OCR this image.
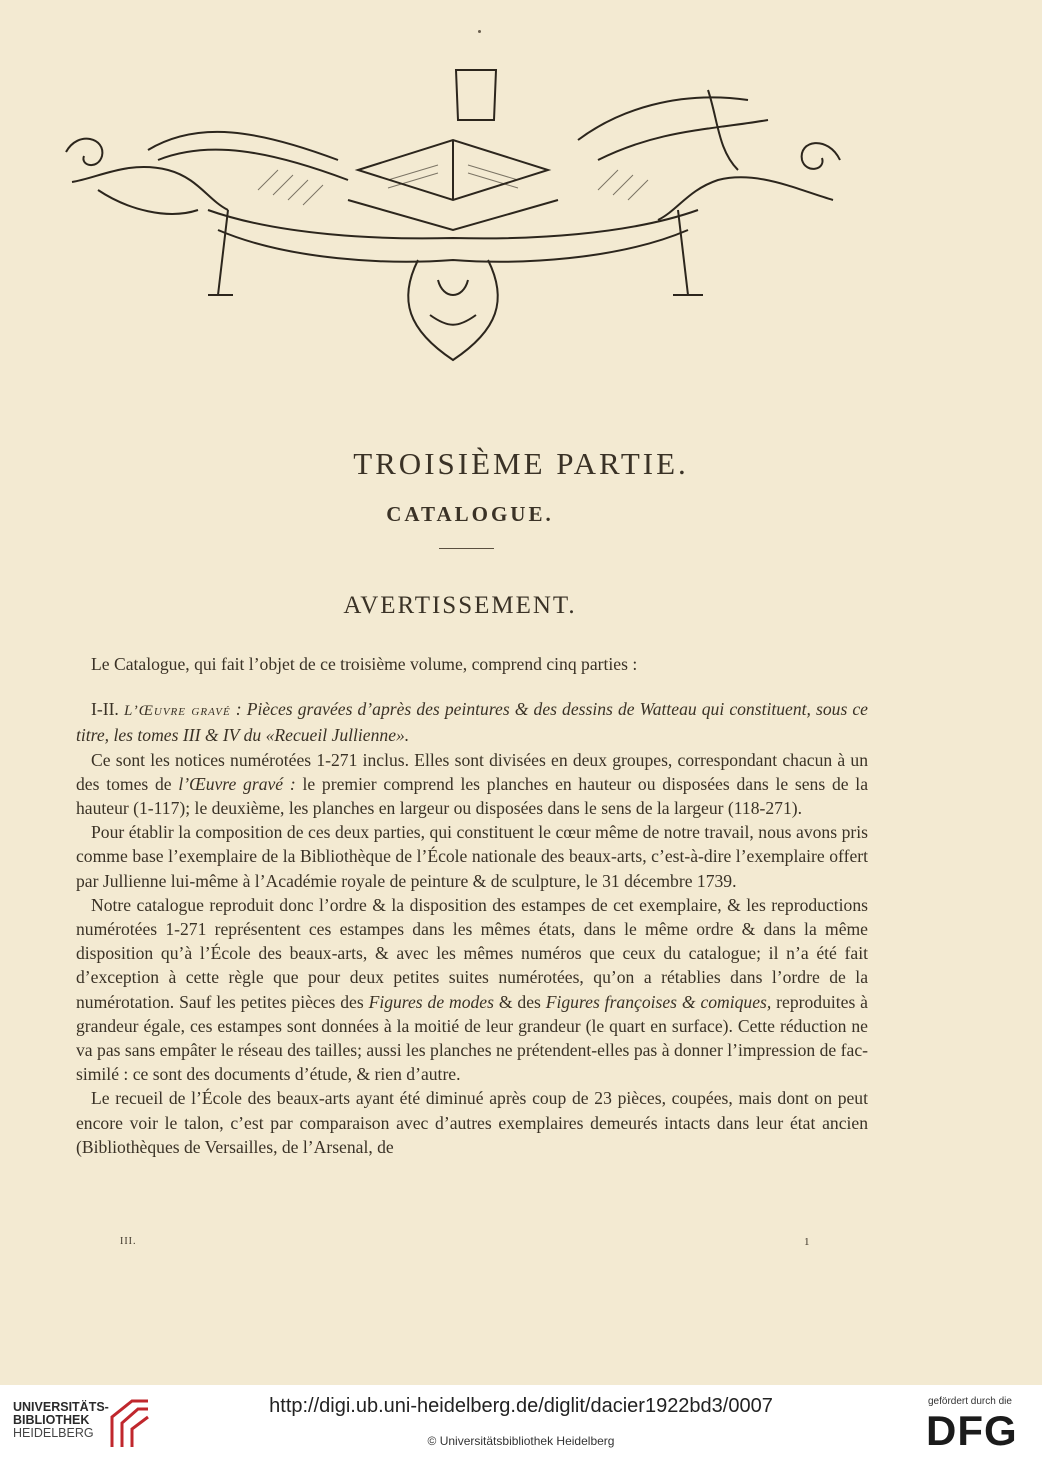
TROISIÈME PARTIE.
CATALOGUE.
AVERTISSEMENT.

Le Catalogue, qui fait l’objet de ce troisième volume, comprend cinq parties :

I-II. L’Œuvre gravé : Pièces gravées d’après des peintures & des dessins de Watteau qui constituent, sous ce titre, les tomes III & IV du «Recueil Jullienne».

Ce sont les notices numérotées 1-271 inclus. Elles sont divisées en deux groupes, correspondant chacun à un des tomes de l’Œuvre gravé : le premier comprend les planches en hauteur ou disposées dans le sens de la hauteur (1-117); le deuxième, les planches en largeur ou disposées dans le sens de la largeur (118-271).

Pour établir la composition de ces deux parties, qui constituent le cœur même de notre travail, nous avons pris comme base l’exemplaire de la Bibliothèque de l’École nationale des beaux-arts, c’est-à-dire l’exemplaire offert par Jullienne lui-même à l’Académie royale de peinture & de sculpture, le 31 décembre 1739.

Notre catalogue reproduit donc l’ordre & la disposition des estampes de cet exemplaire, & les reproductions numérotées 1-271 représentent ces estampes dans les mêmes états, dans le même ordre & dans la même disposition qu’à l’École des beaux-arts, & avec les mêmes numéros que ceux du catalogue; il n’a été fait d’exception à cette règle que pour deux petites suites numérotées, qu’on a rétablies dans l’ordre de la numérotation. Sauf les petites pièces des Figures de modes & des Figures françoises & comiques, reproduites à grandeur égale, ces estampes sont données à la moitié de leur grandeur (le quart en surface). Cette réduction ne va pas sans empâter le réseau des tailles; aussi les planches ne prétendent-elles pas à donner l’impression de fac-similé : ce sont des documents d’étude, & rien d’autre.

Le recueil de l’École des beaux-arts ayant été diminué après coup de 23 pièces, coupées, mais dont on peut encore voir le talon, c’est par comparaison avec d’autres exemplaires demeurés intacts dans leur état ancien (Bibliothèques de Versailles, de l’Arsenal, de

III.	1
UNIVERSITÄTS-
BIBLIOTHEK
HEIDELBERG
http://digi.ub.uni-heidelberg.de/diglit/dacier1922bd3/0007
© Universitätsbibliothek Heidelberg
gefördert durch die
DFG
